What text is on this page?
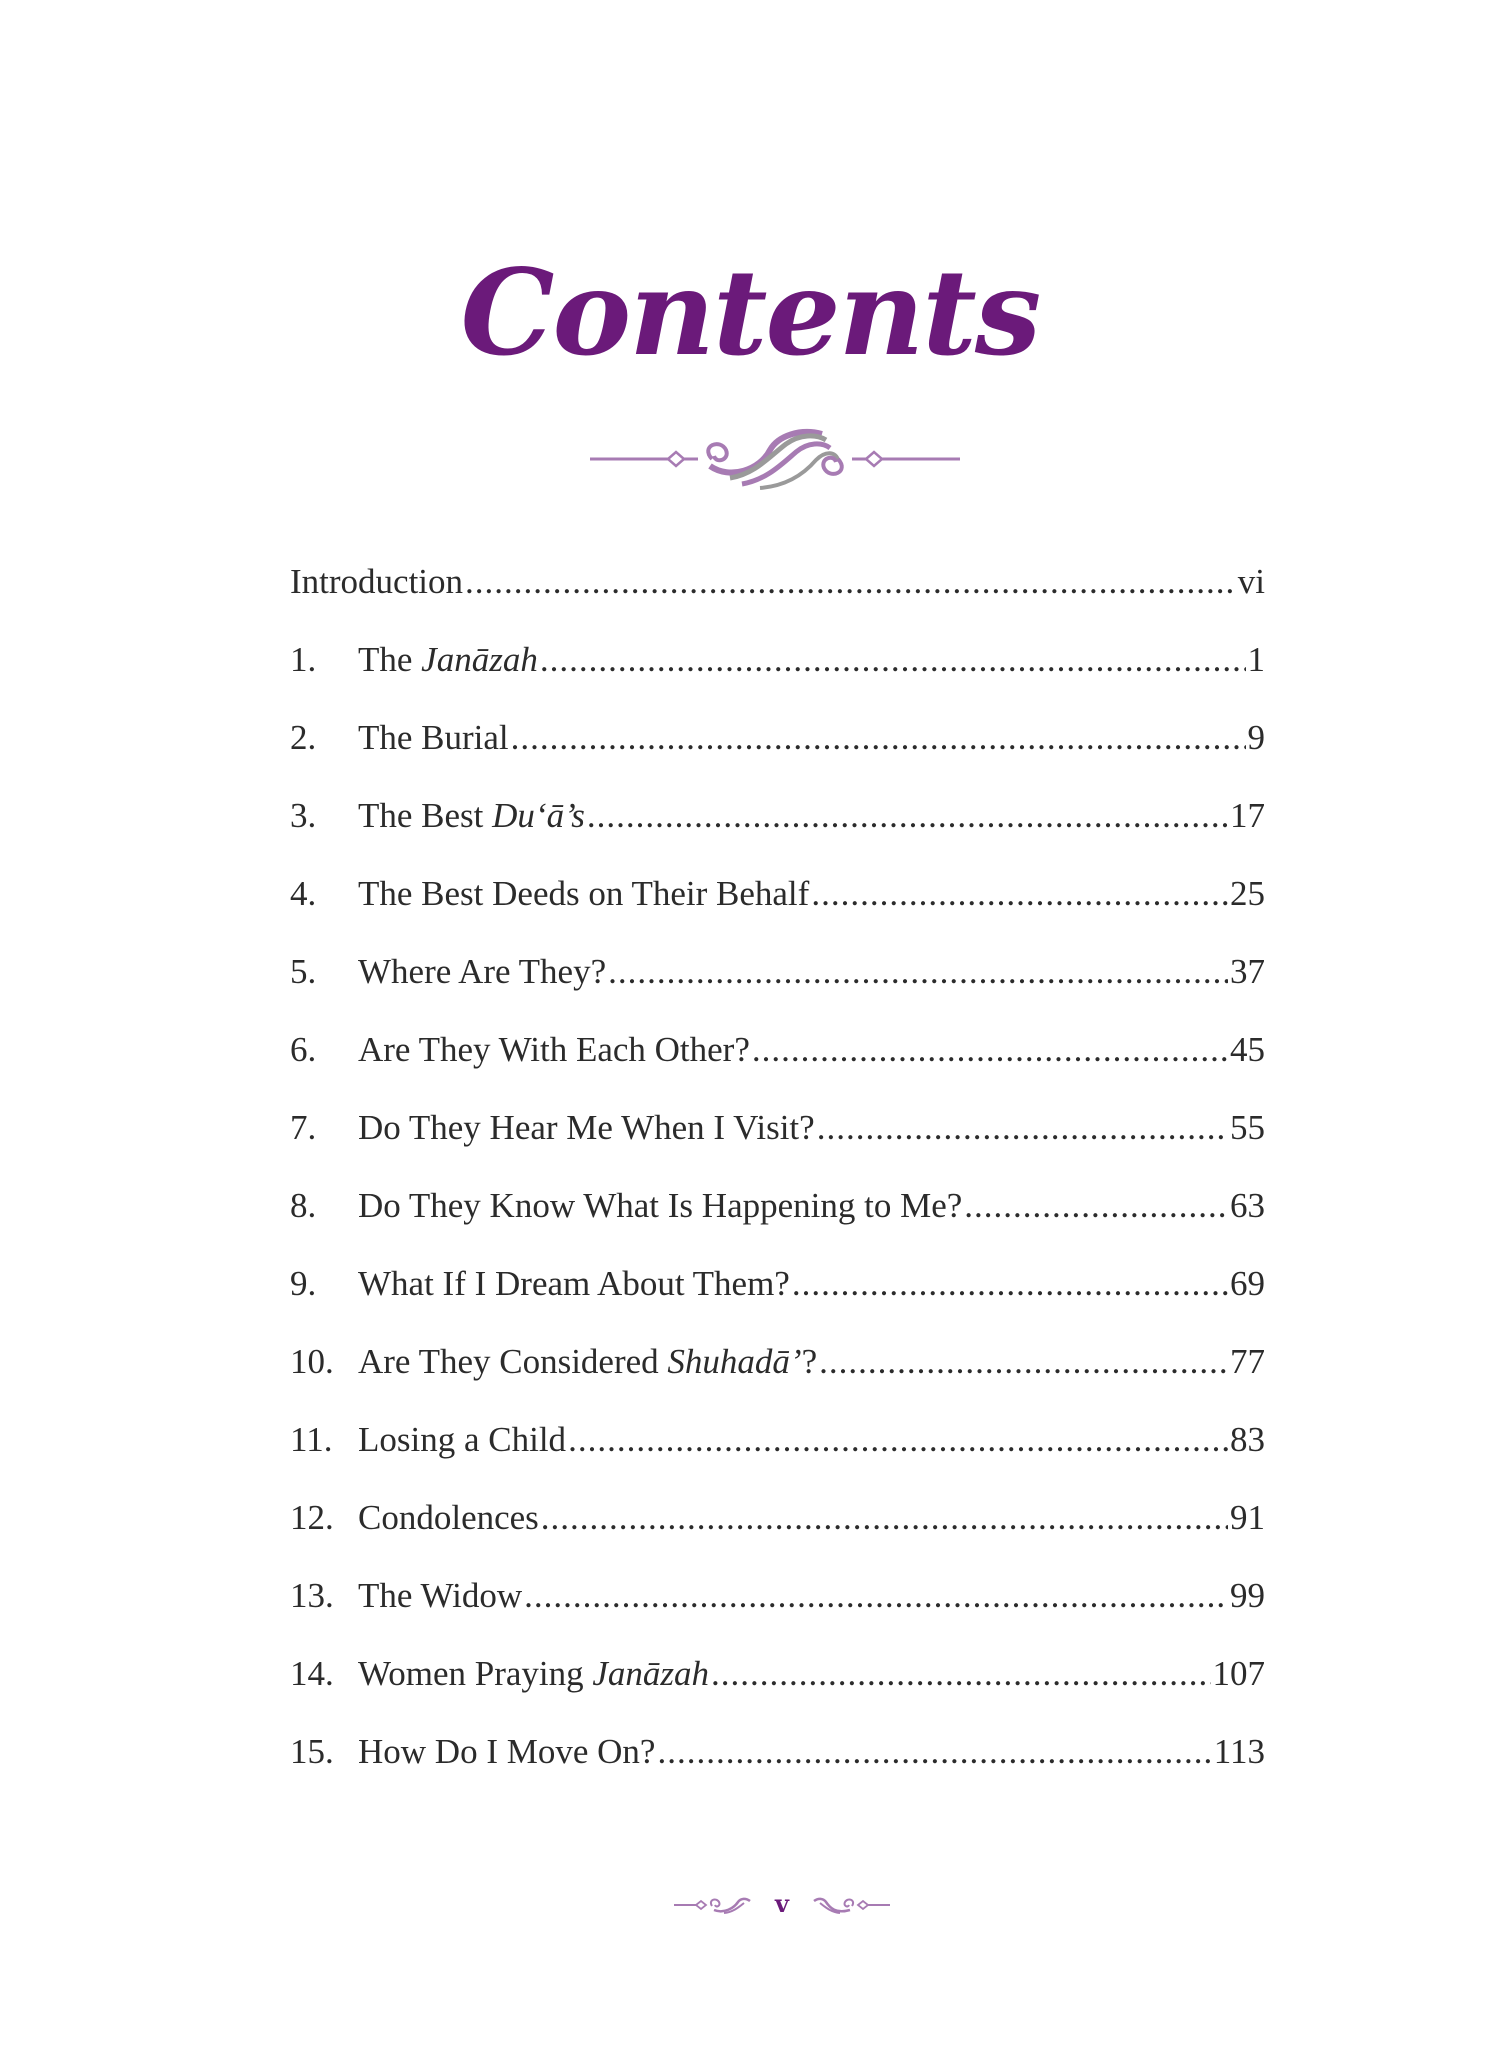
Contents
Introduction .....	vi
1.	The Janāzah .....	1
2.	The Burial .....	9
3.	The Best Du‘ā’s .....	17
4.	The Best Deeds on Their Behalf .....	25
5.	Where Are They? .....	37
6.	Are They With Each Other? .....	45
7.	Do They Hear Me When I Visit? .....	55
8.	Do They Know What Is Happening to Me? .....	63
9.	What If I Dream About Them? .....	69
10. Are They Considered Shuhadā’? .....	77
11. Losing a Child .....	83
12. Condolences .....	91
13. The Widow .....	99
14. Women Praying Janāzah .....	107
15. How Do I Move On? .....	113
v
